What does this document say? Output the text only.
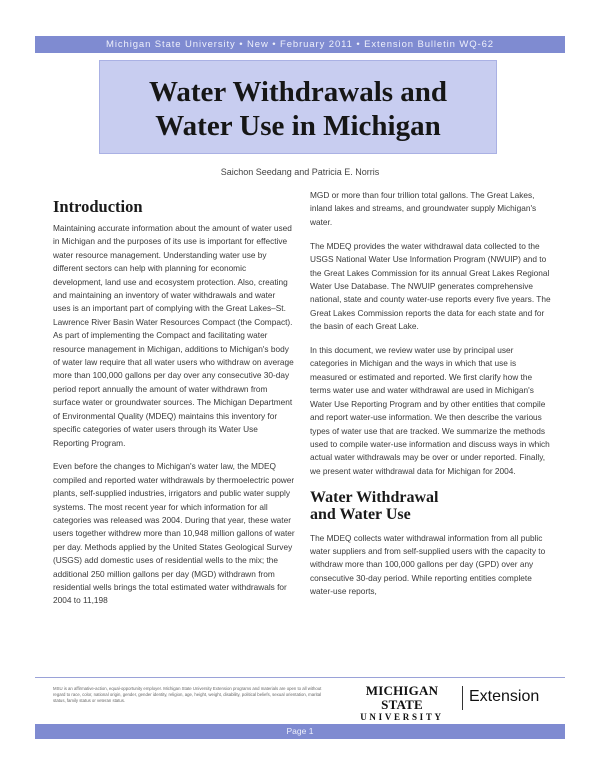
Michigan State University • New • February 2011 • Extension Bulletin WQ-62
Water Withdrawals and
Water Use in Michigan
Saichon Seedang and Patricia E. Norris
Introduction

Maintaining accurate information about the amount of water used in Michigan and the purposes of its use is important for effective water resource management. Understanding water use by different sectors can help with planning for economic development, land use and ecosystem protection. Also, creating and maintaining an inventory of water withdrawals and water uses is an important part of complying with the Great Lakes–St. Lawrence River Basin Water Resources Compact (the Compact). As part of implementing the Compact and facilitating water resource management in Michigan, additions to Michigan's body of water law require that all water users who withdraw on average more than 100,000 gallons per day over any consecutive 30-day period report annually the amount of water withdrawn from surface water or groundwater sources. The Michigan Department of Environmental Quality (MDEQ) maintains this inventory for specific categories of water users through its Water Use Reporting Program.

Even before the changes to Michigan's water law, the MDEQ compiled and reported water withdrawals by thermoelectric power plants, self-supplied industries, irrigators and public water supply systems. The most recent year for which information for all categories was released was 2004. During that year, these water users together withdrew more than 10,948 million gallons of water per day. Methods applied by the United States Geological Survey (USGS) add domestic uses of residential wells to the mix; the additional 250 million gallons per day (MGD) withdrawn from residential wells brings the total estimated water withdrawals for 2004 to 11,198

MGD or more than four trillion total gallons. The Great Lakes, inland lakes and streams, and groundwater supply Michigan's water.

The MDEQ provides the water withdrawal data collected to the USGS National Water Use Information Program (NWUIP) and to the Great Lakes Commission for its annual Great Lakes Regional Water Use Database. The NWUIP generates comprehensive national, state and county water-use reports every five years. The Great Lakes Commission reports the data for each state and for the basin of each Great Lake.

In this document, we review water use by principal user categories in Michigan and the ways in which that use is measured or estimated and reported. We first clarify how the terms water use and water withdrawal are used in Michigan's Water Use Reporting Program and by other entities that compile and report water-use information. We then describe the various types of water use that are tracked. We summarize the methods used to compile water-use information and discuss ways in which actual water withdrawals may be over or under reported. Finally, we present water withdrawal data for Michigan for 2004.

Water Withdrawal
and Water Use

The MDEQ collects water withdrawal information from all public water suppliers and from self-supplied users with the capacity to withdraw more than 100,000 gallons per day (GPD) over any consecutive 30-day period. While reporting entities complete water-use reports,

MSU is an affirmative-action, equal-opportunity employer. Michigan State University Extension programs and materials are open to all without regard to race, color, national origin, gender, gender identity, religion, age, height, weight, disability, political beliefs, sexual orientation, marital status, family status or veteran status.
MICHIGAN STATE
UNIVERSITY
Extension
Page 1
